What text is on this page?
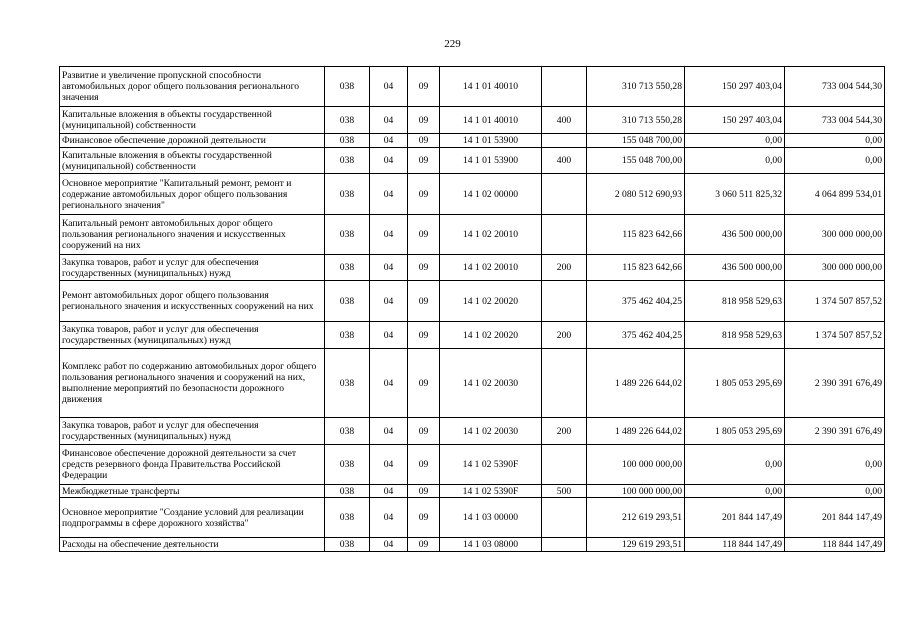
229
Развитие и увеличение пропускной способности автомобильных дорог общего пользования регионального значения	038	04	09	14 1 01 40010		310 713 550,28	150 297 403,04	733 004 544,30
Капитальные вложения в объекты государственной (муниципальной) собственности	038	04	09	14 1 01 40010	400	310 713 550,28	150 297 403,04	733 004 544,30
Финансовое обеспечение дорожной деятельности	038	04	09	14 1 01 53900		155 048 700,00	0,00	0,00
Капитальные вложения в объекты государственной (муниципальной) собственности	038	04	09	14 1 01 53900	400	155 048 700,00	0,00	0,00
Основное мероприятие "Капитальный ремонт, ремонт и содержание автомобильных дорог общего пользования регионального значения"	038	04	09	14 1 02 00000		2 080 512 690,93	3 060 511 825,32	4 064 899 534,01
Капитальный ремонт автомобильных дорог общего пользования регионального значения и искусственных сооружений на них	038	04	09	14 1 02 20010		115 823 642,66	436 500 000,00	300 000 000,00
Закупка товаров, работ и услуг для обеспечения государственных (муниципальных) нужд	038	04	09	14 1 02 20010	200	115 823 642,66	436 500 000,00	300 000 000,00
Ремонт автомобильных дорог общего пользования регионального значения и искусственных сооружений на них	038	04	09	14 1 02 20020		375 462 404,25	818 958 529,63	1 374 507 857,52
Закупка товаров, работ и услуг для обеспечения государственных (муниципальных) нужд	038	04	09	14 1 02 20020	200	375 462 404,25	818 958 529,63	1 374 507 857,52
Комплекс работ по содержанию автомобильных дорог общего пользования регионального значения и сооружений на них, выполнение мероприятий по безопасности дорожного движения	038	04	09	14 1 02 20030		1 489 226 644,02	1 805 053 295,69	2 390 391 676,49
Закупка товаров, работ и услуг для обеспечения государственных (муниципальных) нужд	038	04	09	14 1 02 20030	200	1 489 226 644,02	1 805 053 295,69	2 390 391 676,49
Финансовое обеспечение дорожной деятельности за счет средств резервного фонда Правительства Российской Федерации	038	04	09	14 1 02 5390F		100 000 000,00	0,00	0,00
Межбюджетные трансферты	038	04	09	14 1 02 5390F	500	100 000 000,00	0,00	0,00
Основное мероприятие "Создание условий для реализации подпрограммы в сфере дорожного хозяйства"	038	04	09	14 1 03 00000		212 619 293,51	201 844 147,49	201 844 147,49
Расходы на обеспечение деятельности	038	04	09	14 1 03 08000		129 619 293,51	118 844 147,49	118 844 147,49
